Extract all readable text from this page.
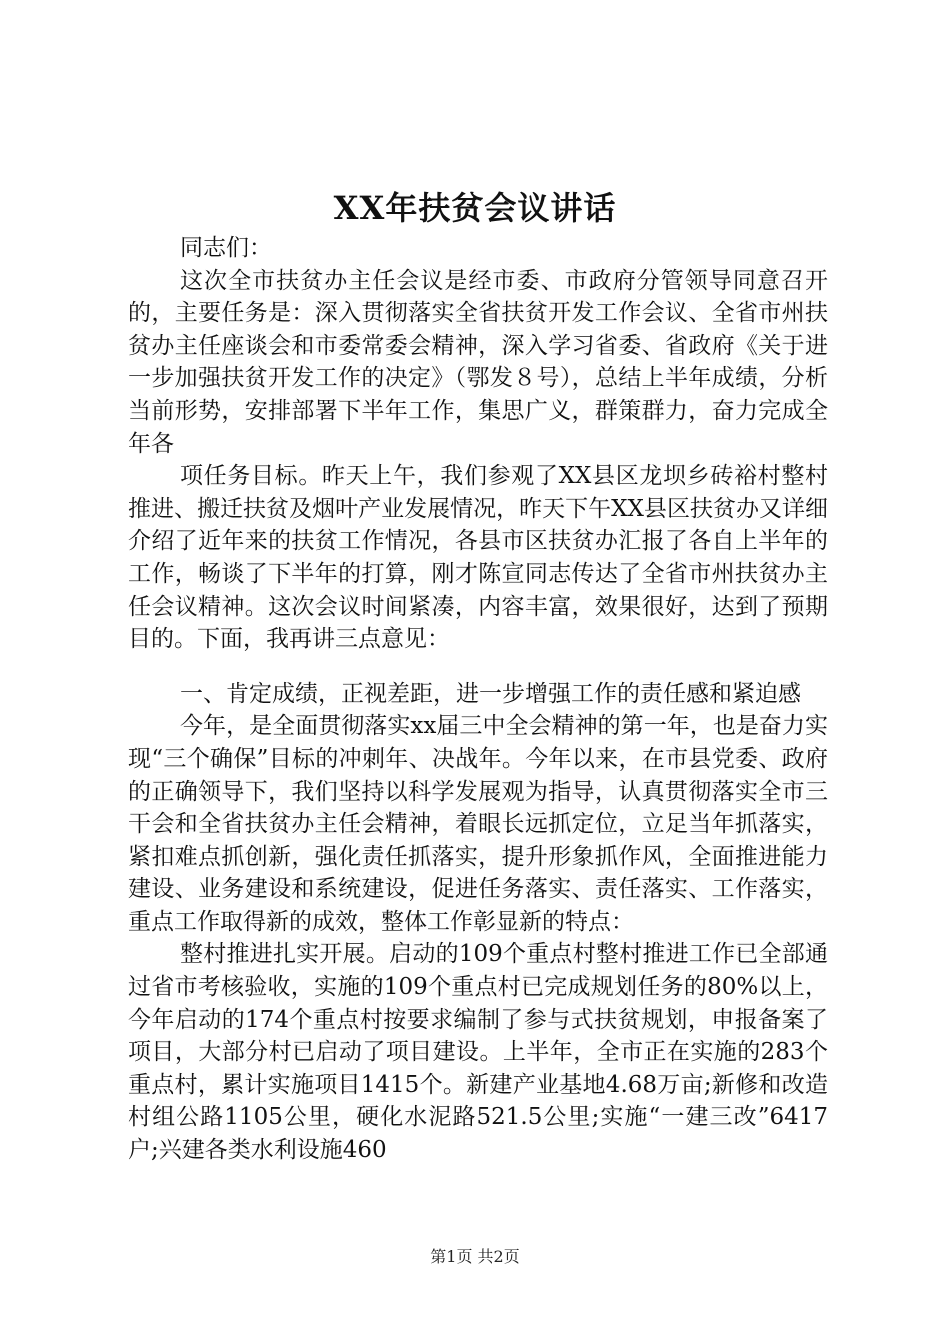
XX年扶贫会议讲话

同志们：

这次全市扶贫办主任会议是经市委、市政府分管领导同意召开的，主要任务是：深入贯彻落实全省扶贫开发工作会议、全省市州扶贫办主任座谈会和市委常委会精神，深入学习省委、省政府《关于进一步加强扶贫开发工作的决定》（鄂发８号），总结上半年成绩，分析当前形势，安排部署下半年工作，集思广义，群策群力，奋力完成全年各

项任务目标。昨天上午，我们参观了XX县区龙坝乡砖裕村整村推进、搬迁扶贫及烟叶产业发展情况，昨天下午XX县区扶贫办又详细介绍了近年来的扶贫工作情况，各县市区扶贫办汇报了各自上半年的工作，畅谈了下半年的打算，刚才陈宣同志传达了全省市州扶贫办主任会议精神。这次会议时间紧凑，内容丰富，效果很好，达到了预期目的。下面，我再讲三点意见：

一、肯定成绩，正视差距，进一步增强工作的责任感和紧迫感

今年，是全面贯彻落实xx届三中全会精神的第一年，也是奋力实现“三个确保”目标的冲刺年、决战年。今年以来，在市县党委、政府的正确领导下，我们坚持以科学发展观为指导，认真贯彻落实全市三干会和全省扶贫办主任会精神，着眼长远抓定位，立足当年抓落实，紧扣难点抓创新，强化责任抓落实，提升形象抓作风，全面推进能力建设、业务建设和系统建设，促进任务落实、责任落实、工作落实，重点工作取得新的成效，整体工作彰显新的特点：

整村推进扎实开展。启动的109个重点村整村推进工作已全部通过省市考核验收，实施的109个重点村已完成规划任务的80%以上，今年启动的174个重点村按要求编制了参与式扶贫规划，申报备案了项目，大部分村已启动了项目建设。上半年，全市正在实施的283个重点村，累计实施项目1415个。新建产业基地4.68万亩;新修和改造村组公路1105公里，硬化水泥路521.5公里;实施“一建三改”6417户;兴建各类水利设施460

第1页 共2页
